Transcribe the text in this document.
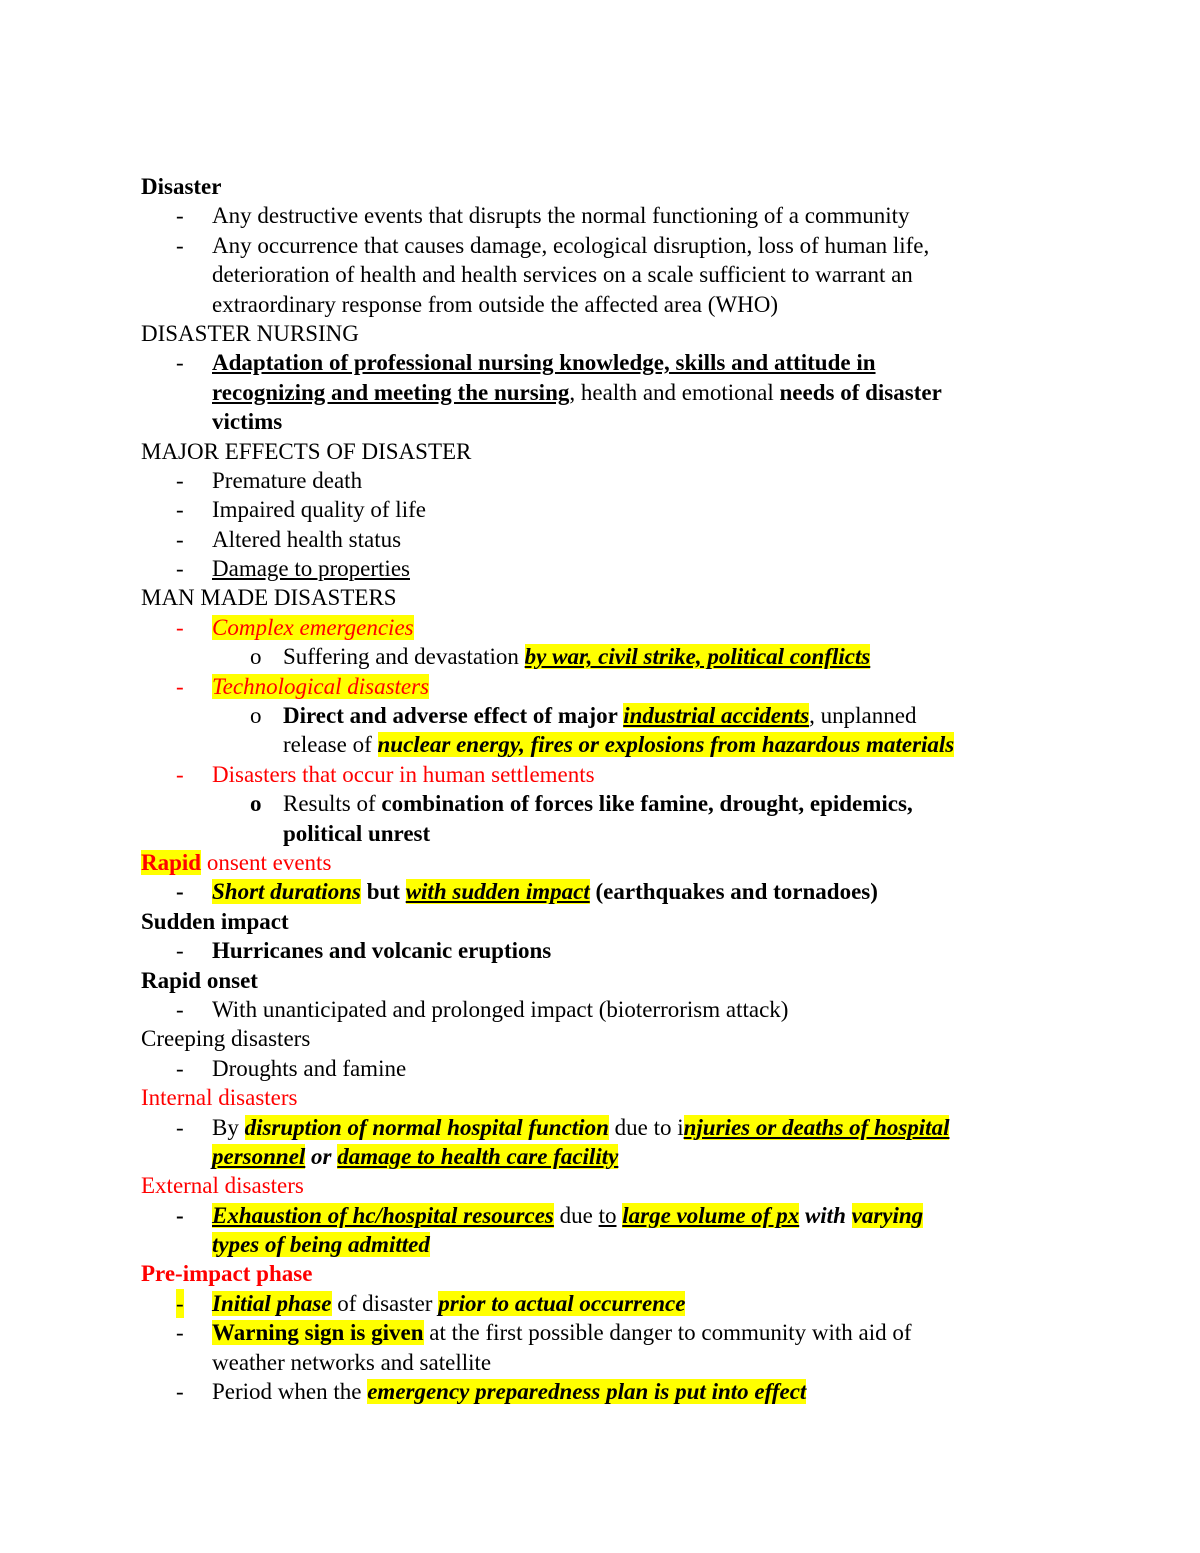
Disaster
- Any destructive events that disrupts the normal functioning of a community
- Any occurrence that causes damage, ecological disruption, loss of human life,
deterioration of health and health services on a scale sufficient to warrant an
extraordinary response from outside the affected area (WHO)
DISASTER NURSING
- Adaptation of professional nursing knowledge, skills and attitude in
recognizing and meeting the nursing, health and emotional needs of disaster
victims
MAJOR EFFECTS OF DISASTER
- Premature death
- Impaired quality of life
- Altered health status
- Damage to properties
MAN MADE DISASTERS
- Complex emergencies
o Suffering and devastation by war, civil strike, political conflicts
- Technological disasters
o Direct and adverse effect of major industrial accidents, unplanned
release of nuclear energy, fires or explosions from hazardous materials
- Disasters that occur in human settlements
o Results of combination of forces like famine, drought, epidemics,
political unrest
Rapid onsent events
- Short durations but with sudden impact (earthquakes and tornadoes)
Sudden impact
- Hurricanes and volcanic eruptions
Rapid onset
- With unanticipated and prolonged impact (bioterrorism attack)
Creeping disasters
- Droughts and famine
Internal disasters
- By disruption of normal hospital function due to injuries or deaths of hospital
personnel or damage to health care facility
External disasters
- Exhaustion of hc/hospital resources due to large volume of px with varying
types of being admitted
Pre-impact phase
- Initial phase of disaster prior to actual occurrence
- Warning sign is given at the first possible danger to community with aid of
weather networks and satellite
- Period when the emergency preparedness plan is put into effect
